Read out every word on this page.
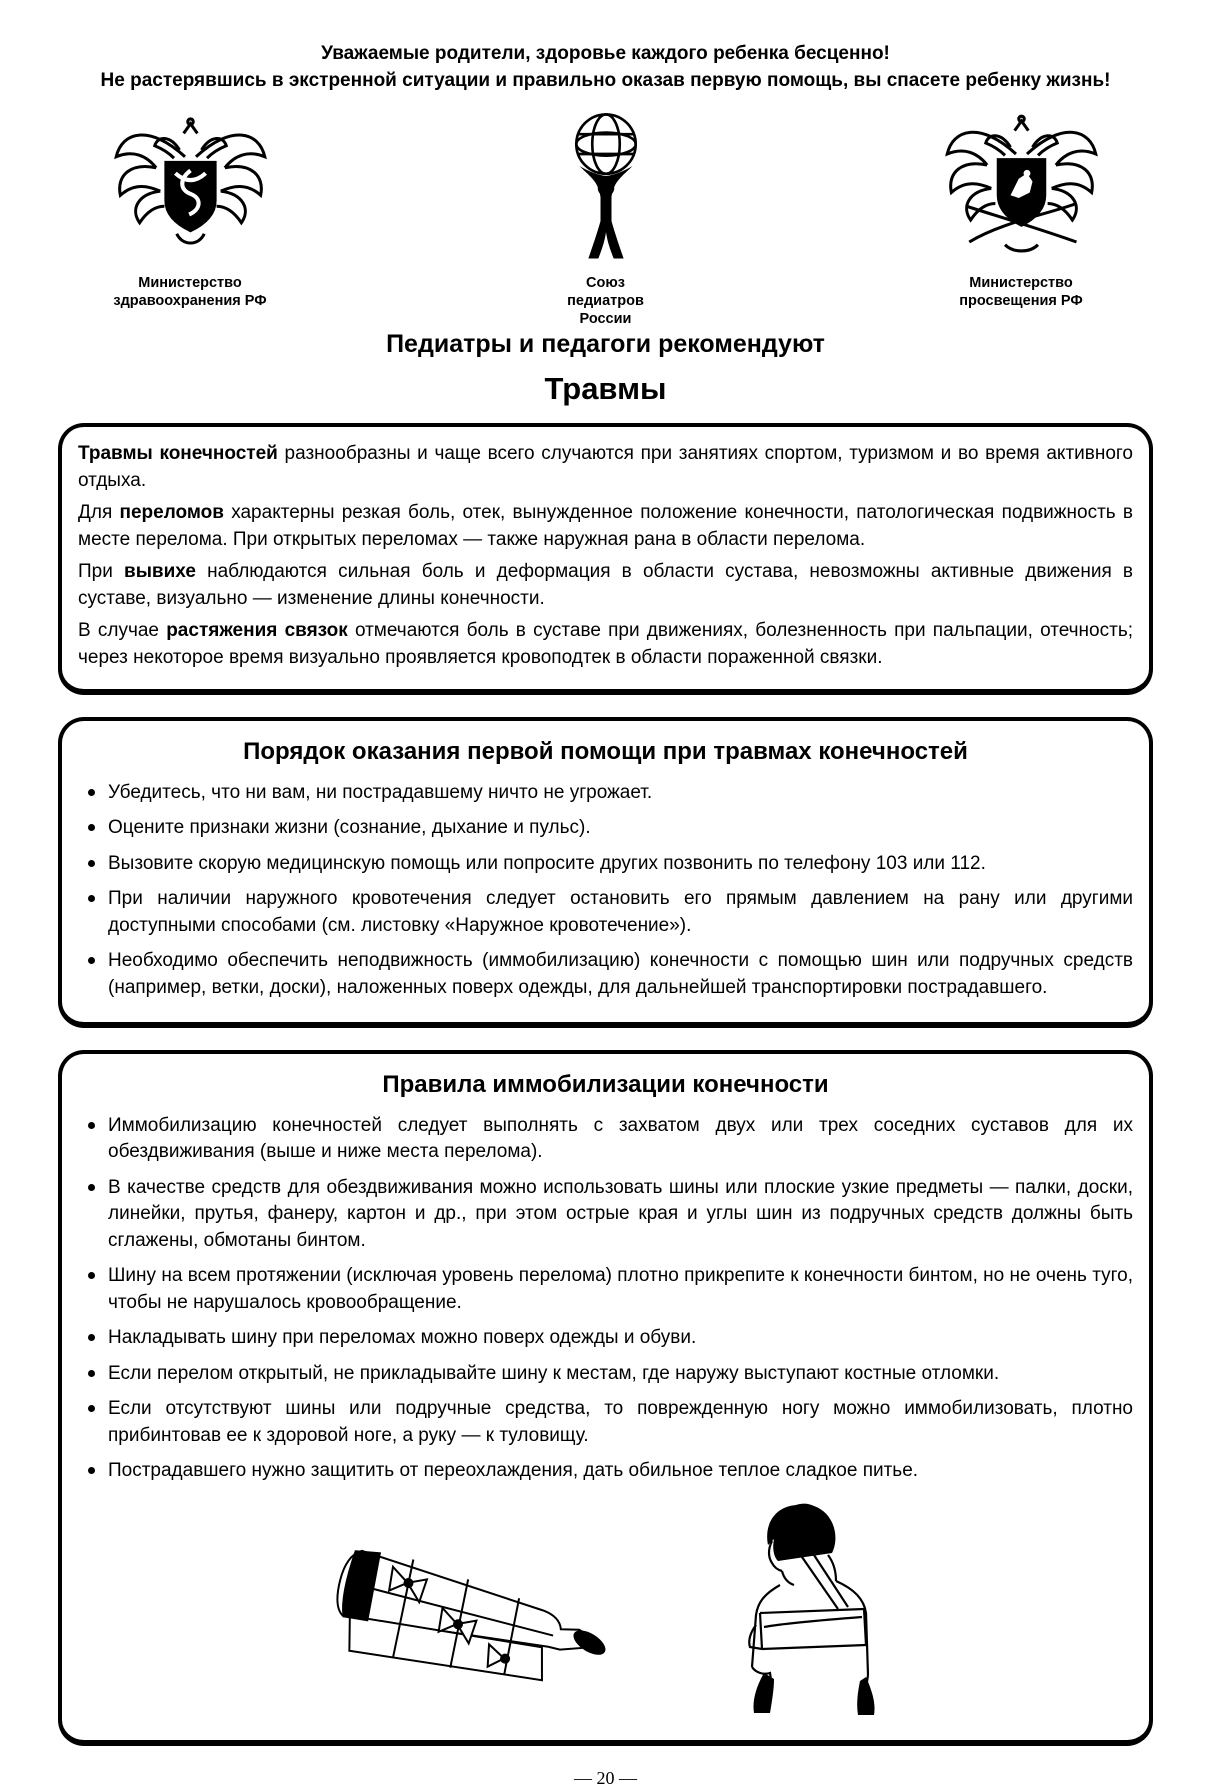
Уважаемые родители, здоровье каждого ребенка бесценно!
Не растерявшись в экстренной ситуации и правильно оказав первую помощь, вы спасете ребенку жизнь!
Министерство
здравоохранения РФ
Союз
педиатров
России
Министерство
просвещения РФ
Педиатры и педагоги рекомендуют
Травмы

Травмы конечностей разнообразны и чаще всего случаются при занятиях спортом, туризмом и во время активного отдыха.

Для переломов характерны резкая боль, отек, вынужденное положение конечности, патологическая подвижность в месте перелома. При открытых переломах — также наружная рана в области перелома.

При вывихе наблюдаются сильная боль и деформация в области сустава, невозможны активные движения в суставе, визуально — изменение длины конечности.

В случае растяжения связок отмечаются боль в суставе при движениях, болезненность при пальпации, отечность; через некоторое время визуально проявляется кровоподтек в области пораженной связки.

Порядок оказания первой помощи при травмах конечностей
Убедитесь, что ни вам, ни пострадавшему ничто не угрожает.
Оцените признаки жизни (сознание, дыхание и пульс).
Вызовите скорую медицинскую помощь или попросите других позвонить по телефону 103 или 112.
При наличии наружного кровотечения следует остановить его прямым давлением на рану или другими доступными способами (см. листовку «Наружное кровотечение»).
Необходимо обеспечить неподвижность (иммобилизацию) конечности с помощью шин или подручных средств (например, ветки, доски), наложенных поверх одежды, для дальнейшей транспортировки пострадавшего.
Правила иммобилизации конечности
Иммобилизацию конечностей следует выполнять с захватом двух или трех соседних суставов для их обездвиживания (выше и ниже места перелома).
В качестве средств для обездвиживания можно использовать шины или плоские узкие предметы — палки, доски, линейки, прутья, фанеру, картон и др., при этом острые края и углы шин из подручных средств должны быть сглажены, обмотаны бинтом.
Шину на всем протяжении (исключая уровень перелома) плотно прикрепите к конечности бинтом, но не очень туго, чтобы не нарушалось кровообращение.
Накладывать шину при переломах можно поверх одежды и обуви.
Если перелом открытый, не прикладывайте шину к местам, где наружу выступают костные отломки.
Если отсутствуют шины или подручные средства, то поврежденную ногу можно иммобилизовать, плотно прибинтовав ее к здоровой ноге, а руку — к туловищу.
Пострадавшего нужно защитить от переохлаждения, дать обильное теплое сладкое питье.
— 20 —
